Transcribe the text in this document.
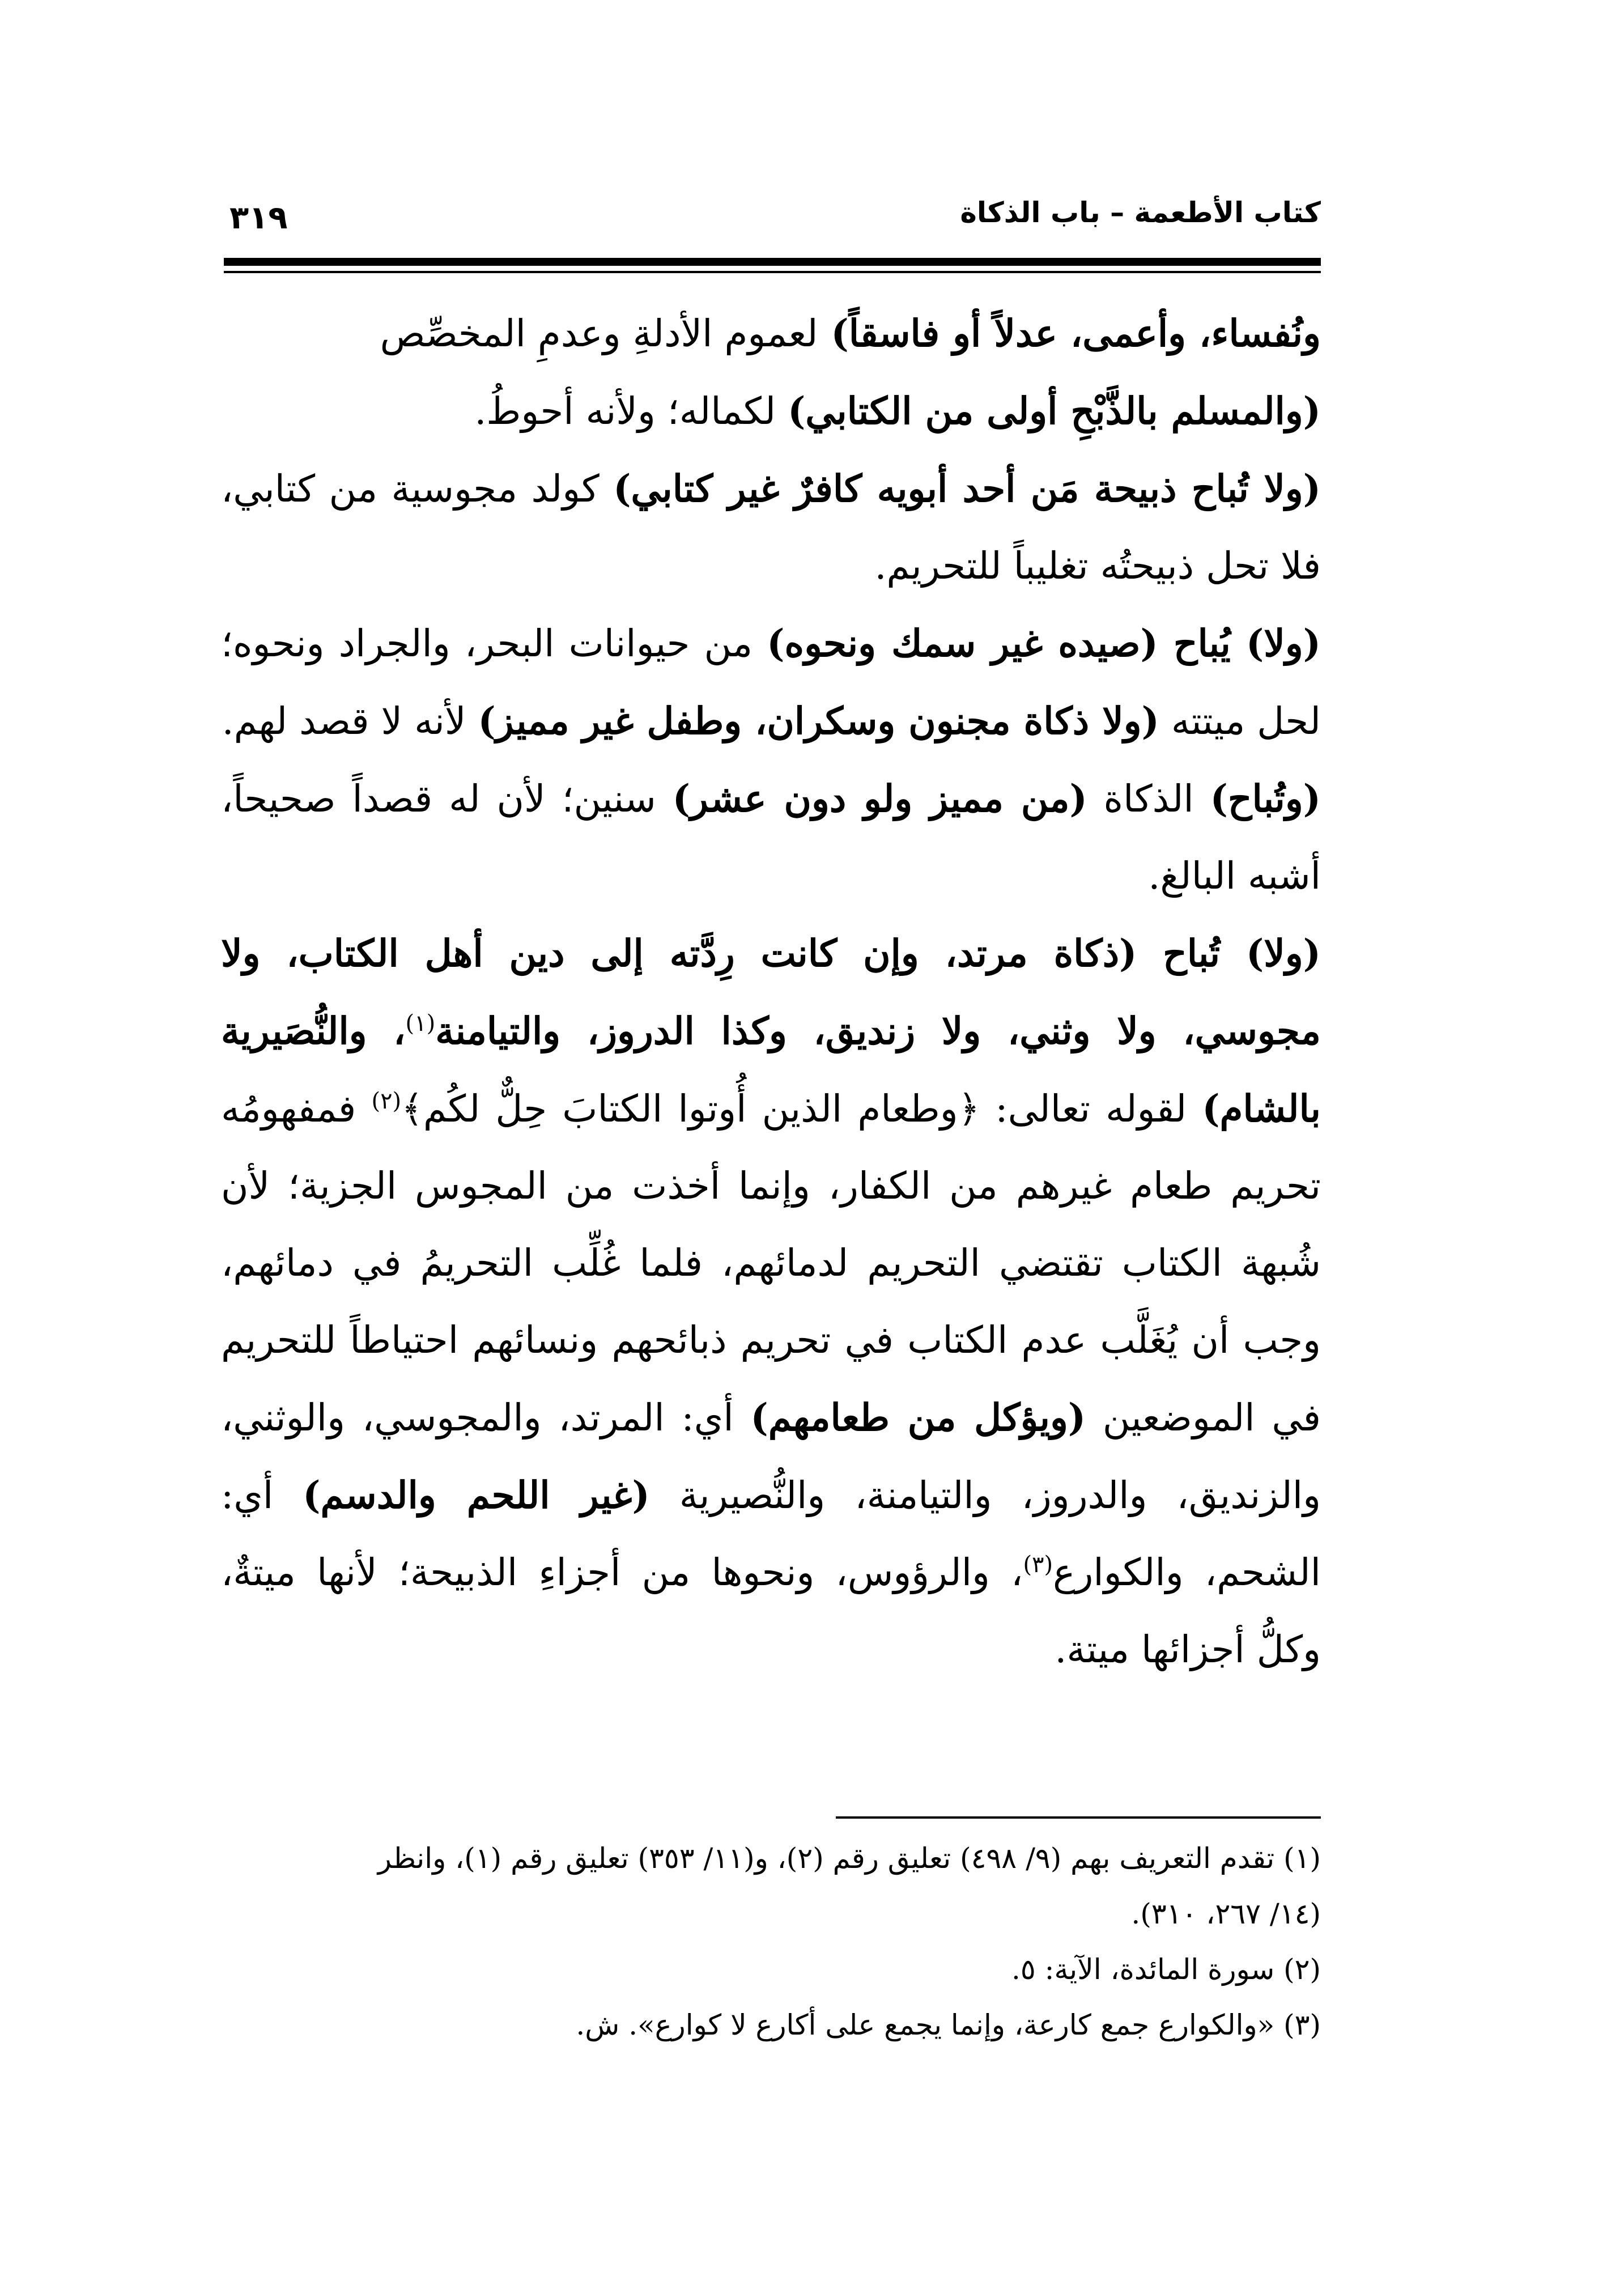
كتاب الأطعمة – باب الذكاة
٣١٩

ونُفساء، وأعمى، عدلاً أو فاسقاً) لعموم الأدلةِ وعدمِ المخصِّص

(والمسلم بالذَّبْحِ أولى من الكتابي) لكماله؛ ولأنه أحوطُ.

(ولا تُباح ذبيحة مَن أحد أبويه كافرٌ غير كتابي) كولد مجوسية من كتابي، فلا تحل ذبيحتُه تغليباً للتحريم.

(ولا) يُباح (صيده غير سمك ونحوه) من حيوانات البحر، والجراد ونحوه؛ لحل ميتته (ولا ذكاة مجنون وسكران، وطفل غير مميز) لأنه لا قصد لهم.

(وتُباح) الذكاة (من مميز ولو دون عشر) سنين؛ لأن له قصداً صحيحاً، أشبه البالغ.

(ولا) تُباح (ذكاة مرتد، وإن كانت رِدَّته إلى دين أهل الكتاب، ولا مجوسي، ولا وثني، ولا زنديق، وكذا الدروز، والتيامنة$^{(١)}$، والنُّصَيرية بالشام) لقوله تعالى: ﴿وطعام الذين أُوتوا الكتابَ حِلٌّ لكُم﴾$^{(٢)}$ فمفهومُه تحريم طعام غيرهم من الكفار، وإنما أخذت من المجوس الجزية؛ لأن شُبهة الكتاب تقتضي التحريم لدمائهم، فلما غُلِّب التحريمُ في دمائهم، وجب أن يُغَلَّب عدم الكتاب في تحريم ذبائحهم ونسائهم احتياطاً للتحريم في الموضعين (ويؤكل من طعامهم) أي: المرتد، والمجوسي، والوثني، والزنديق، والدروز، والتيامنة، والنُّصيرية (غير اللحم والدسم) أي: الشحم، والكوارع$^{(٣)}$، والرؤوس، ونحوها من أجزاءِ الذبيحة؛ لأنها ميتةٌ، وكلُّ أجزائها ميتة.

(١) تقدم التعريف بهم (٩/ ٤٩٨) تعليق رقم (٢)، و(١١/ ٣٥٣) تعليق رقم (١)، وانظر

(١٤/ ٢٦٧، ٣١٠).

(٢) سورة المائدة، الآية: ٥.

(٣) «والكوارع جمع كارعة، وإنما يجمع على أكارع لا كوارع». ش.
